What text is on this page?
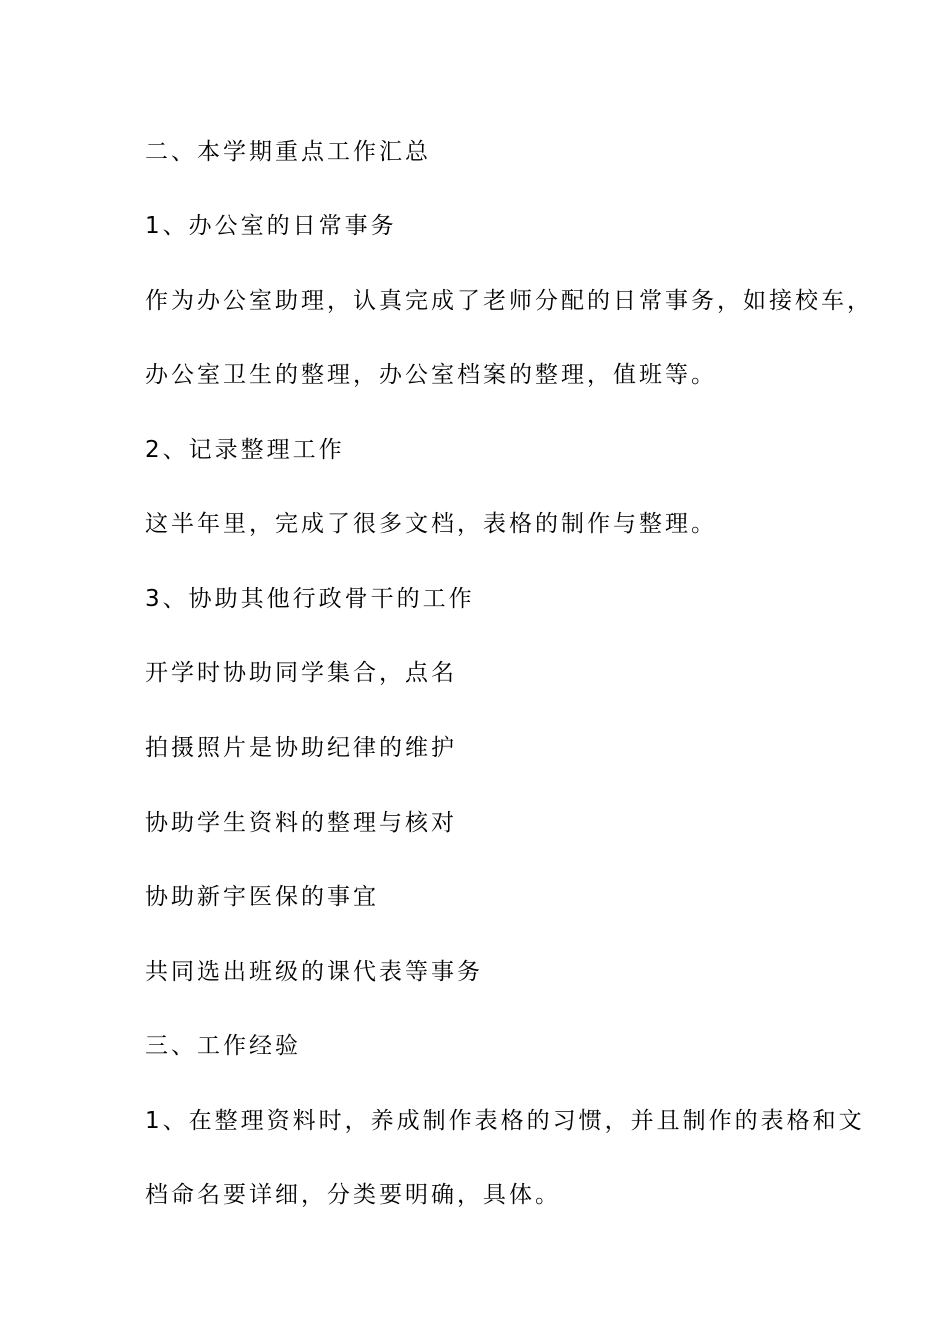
二、本学期重点工作汇总

1、办公室的日常事务

作为办公室助理，认真完成了老师分配的日常事务，如接校车，

办公室卫生的整理，办公室档案的整理，值班等。

2、记录整理工作

这半年里，完成了很多文档，表格的制作与整理。

3、协助其他行政骨干的工作

开学时协助同学集合，点名

拍摄照片是协助纪律的维护

协助学生资料的整理与核对

协助新宇医保的事宜

共同选出班级的课代表等事务

三、工作经验

1、在整理资料时，养成制作表格的习惯，并且制作的表格和文

档命名要详细，分类要明确，具体。
